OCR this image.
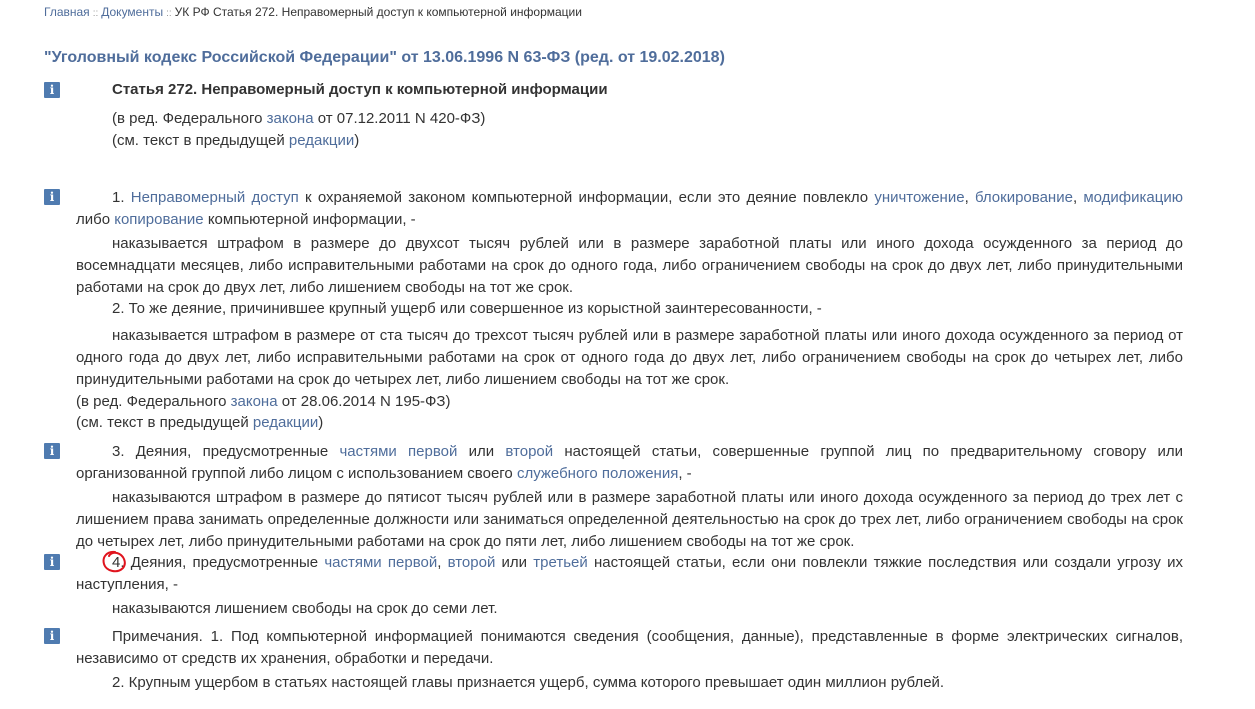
Главная :: Документы :: УК РФ Статья 272. Неправомерный доступ к компьютерной информации
"Уголовный кодекс Российской Федерации" от 13.06.1996 N 63-ФЗ (ред. от 19.02.2018)
i	Статья 272. Неправомерный доступ к компьютерной информации
(в ред. Федерального закона от 07.12.2011 N 420-ФЗ)
(см. текст в предыдущей редакции)
i	1. Неправомерный доступ к охраняемой законом компьютерной информации, если это деяние повлекло уничтожение, блокирование, модификацию либо копирование компьютерной информации, -
наказывается штрафом в размере до двухсот тысяч рублей или в размере заработной платы или иного дохода осужденного за период до восемнадцати месяцев, либо исправительными работами на срок до одного года, либо ограничением свободы на срок до двух лет, либо принудительными работами на срок до двух лет, либо лишением свободы на тот же срок.
2. То же деяние, причинившее крупный ущерб или совершенное из корыстной заинтересованности, -
наказывается штрафом в размере от ста тысяч до трехсот тысяч рублей или в размере заработной платы или иного дохода осужденного за период от одного года до двух лет, либо исправительными работами на срок от одного года до двух лет, либо ограничением свободы на срок до четырех лет, либо принудительными работами на срок до четырех лет, либо лишением свободы на тот же срок.
(в ред. Федерального закона от 28.06.2014 N 195-ФЗ)
(см. текст в предыдущей редакции)
i	3. Деяния, предусмотренные частями первой или второй настоящей статьи, совершенные группой лиц по предварительному сговору или организованной группой либо лицом с использованием своего служебного положения, -
наказываются штрафом в размере до пятисот тысяч рублей или в размере заработной платы или иного дохода осужденного за период до трех лет с лишением права занимать определенные должности или заниматься определенной деятельностью на срок до трех лет, либо ограничением свободы на срок до четырех лет, либо принудительными работами на срок до пяти лет, либо лишением свободы на тот же срок.
i	4. Деяния, предусмотренные частями первой, второй или третьей настоящей статьи, если они повлекли тяжкие последствия или создали угрозу их наступления, -
наказываются лишением свободы на срок до семи лет.
i	Примечания. 1. Под компьютерной информацией понимаются сведения (сообщения, данные), представленные в форме электрических сигналов, независимо от средств их хранения, обработки и передачи.
2. Крупным ущербом в статьях настоящей главы признается ущерб, сумма которого превышает один миллион рублей.
